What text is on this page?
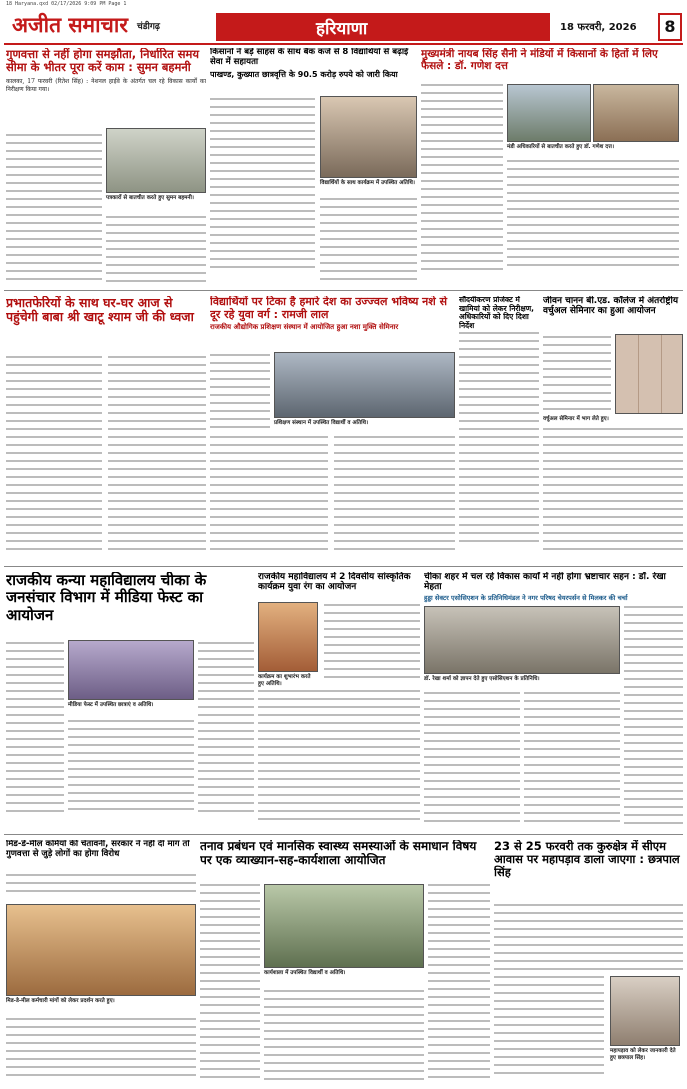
18 Haryana.qxd 02/17/2026 9:09 PM Page 1
अजीत समाचार चंडीगढ़	हरियाणा	18 फरवरी, 2026	8
गुणवत्ता से नहीं होगा समझौता, निर्धारित समय सीमा के भीतर पूरा करें काम : सुमन बहमनी
कालका, 17 फरवरी (रितेश सिंह) : नेशनल हाईवे के अंतर्गत चल रहे विकास कार्यों का निरीक्षण किया गया।
पत्रकारों से बातचीत करते हुए सुमन बहमनी।
किसानों ने बड़े साहस के साथ बैंक कर्ज से 8 विद्यार्थियों से बढ़ाई सेवा में सहायता
पाखण्ड, कुख्यात छात्रवृत्ति के 90.5 करोड़ रुपये को जारी किया
विद्यार्थियों के साथ कार्यक्रम में उपस्थित अतिथि।
मुख्यमंत्री नायब सिंह सैनी ने मंडियों में किसानों के हितों में लिए फैसले : डॉ. गणेश दत्त
मंडी अधिकारियों से बातचीत करते हुए डॉ. गणेश दत्त।
प्रभातफेरियों के साथ घर-घर आज से पहुंचेगी बाबा श्री खाटू श्याम जी की ध्वजा
विद्यार्थियों पर टिका है हमारे देश का उज्ज्वल भविष्य नशे से दूर रहे युवा वर्ग : रामजी लाल
राजकीय औद्योगिक प्रशिक्षण संस्थान में आयोजित हुआ नशा मुक्ति सेमिनार
प्रशिक्षण संस्थान में उपस्थित विद्यार्थी व अतिथि।
सौंदर्यीकरण प्रोजेक्ट में खामियां को लेकर निरीक्षण, अधिकारियों को दिए दिशा निर्देश
जीवन चानन बी.एड. कॉलेज में अंतर्राष्ट्रीय वर्चुअल सेमिनार का हुआ आयोजन
वर्चुअल सेमिनार में भाग लेते हुए।
राजकीय कन्या महाविद्यालय चीका के जनसंचार विभाग में मीडिया फेस्ट का आयोजन
मीडिया फेस्ट में उपस्थित छात्राएं व अतिथि।
राजकीय महाविद्यालय में 2 दिवसीय सांस्कृतिक कार्यक्रम युवा रंग का आयोजन
कार्यक्रम का शुभारंभ करते हुए अतिथि।
चीका शहर में चल रहे विकास कार्यों में नहीं होगा भ्रष्टाचार सहन : डॉ. रेखा मेहता
हुड्डा सेक्टर एसोसिएशन के प्रतिनिधिमंडल ने नगर परिषद चेयरपर्सन से मिलकर की चर्चा
डॉ. रेखा शर्मा को ज्ञापन देते हुए एसोसिएशन के प्रतिनिधि।
मिड-डे-मील कर्मियों की चेतावनी, सरकार ने नहीं दी मांग तो गुणवत्ता से जुड़े लोगों का होगा विरोध
मिड-डे-मील कर्मचारी मांगों को लेकर प्रदर्शन करते हुए।
तनाव प्रबंधन एवं मानसिक स्वास्थ्य समस्याओं के समाधान विषय पर एक व्याख्यान-सह-कार्यशाला आयोजित
कार्यशाला में उपस्थित विद्यार्थी व अतिथि।
23 से 25 फरवरी तक कुरुक्षेत्र में सीएम आवास पर महापड़ाव डाला जाएगा : छत्रपाल सिंह
महापड़ाव को लेकर जानकारी देते हुए छत्रपाल सिंह।
